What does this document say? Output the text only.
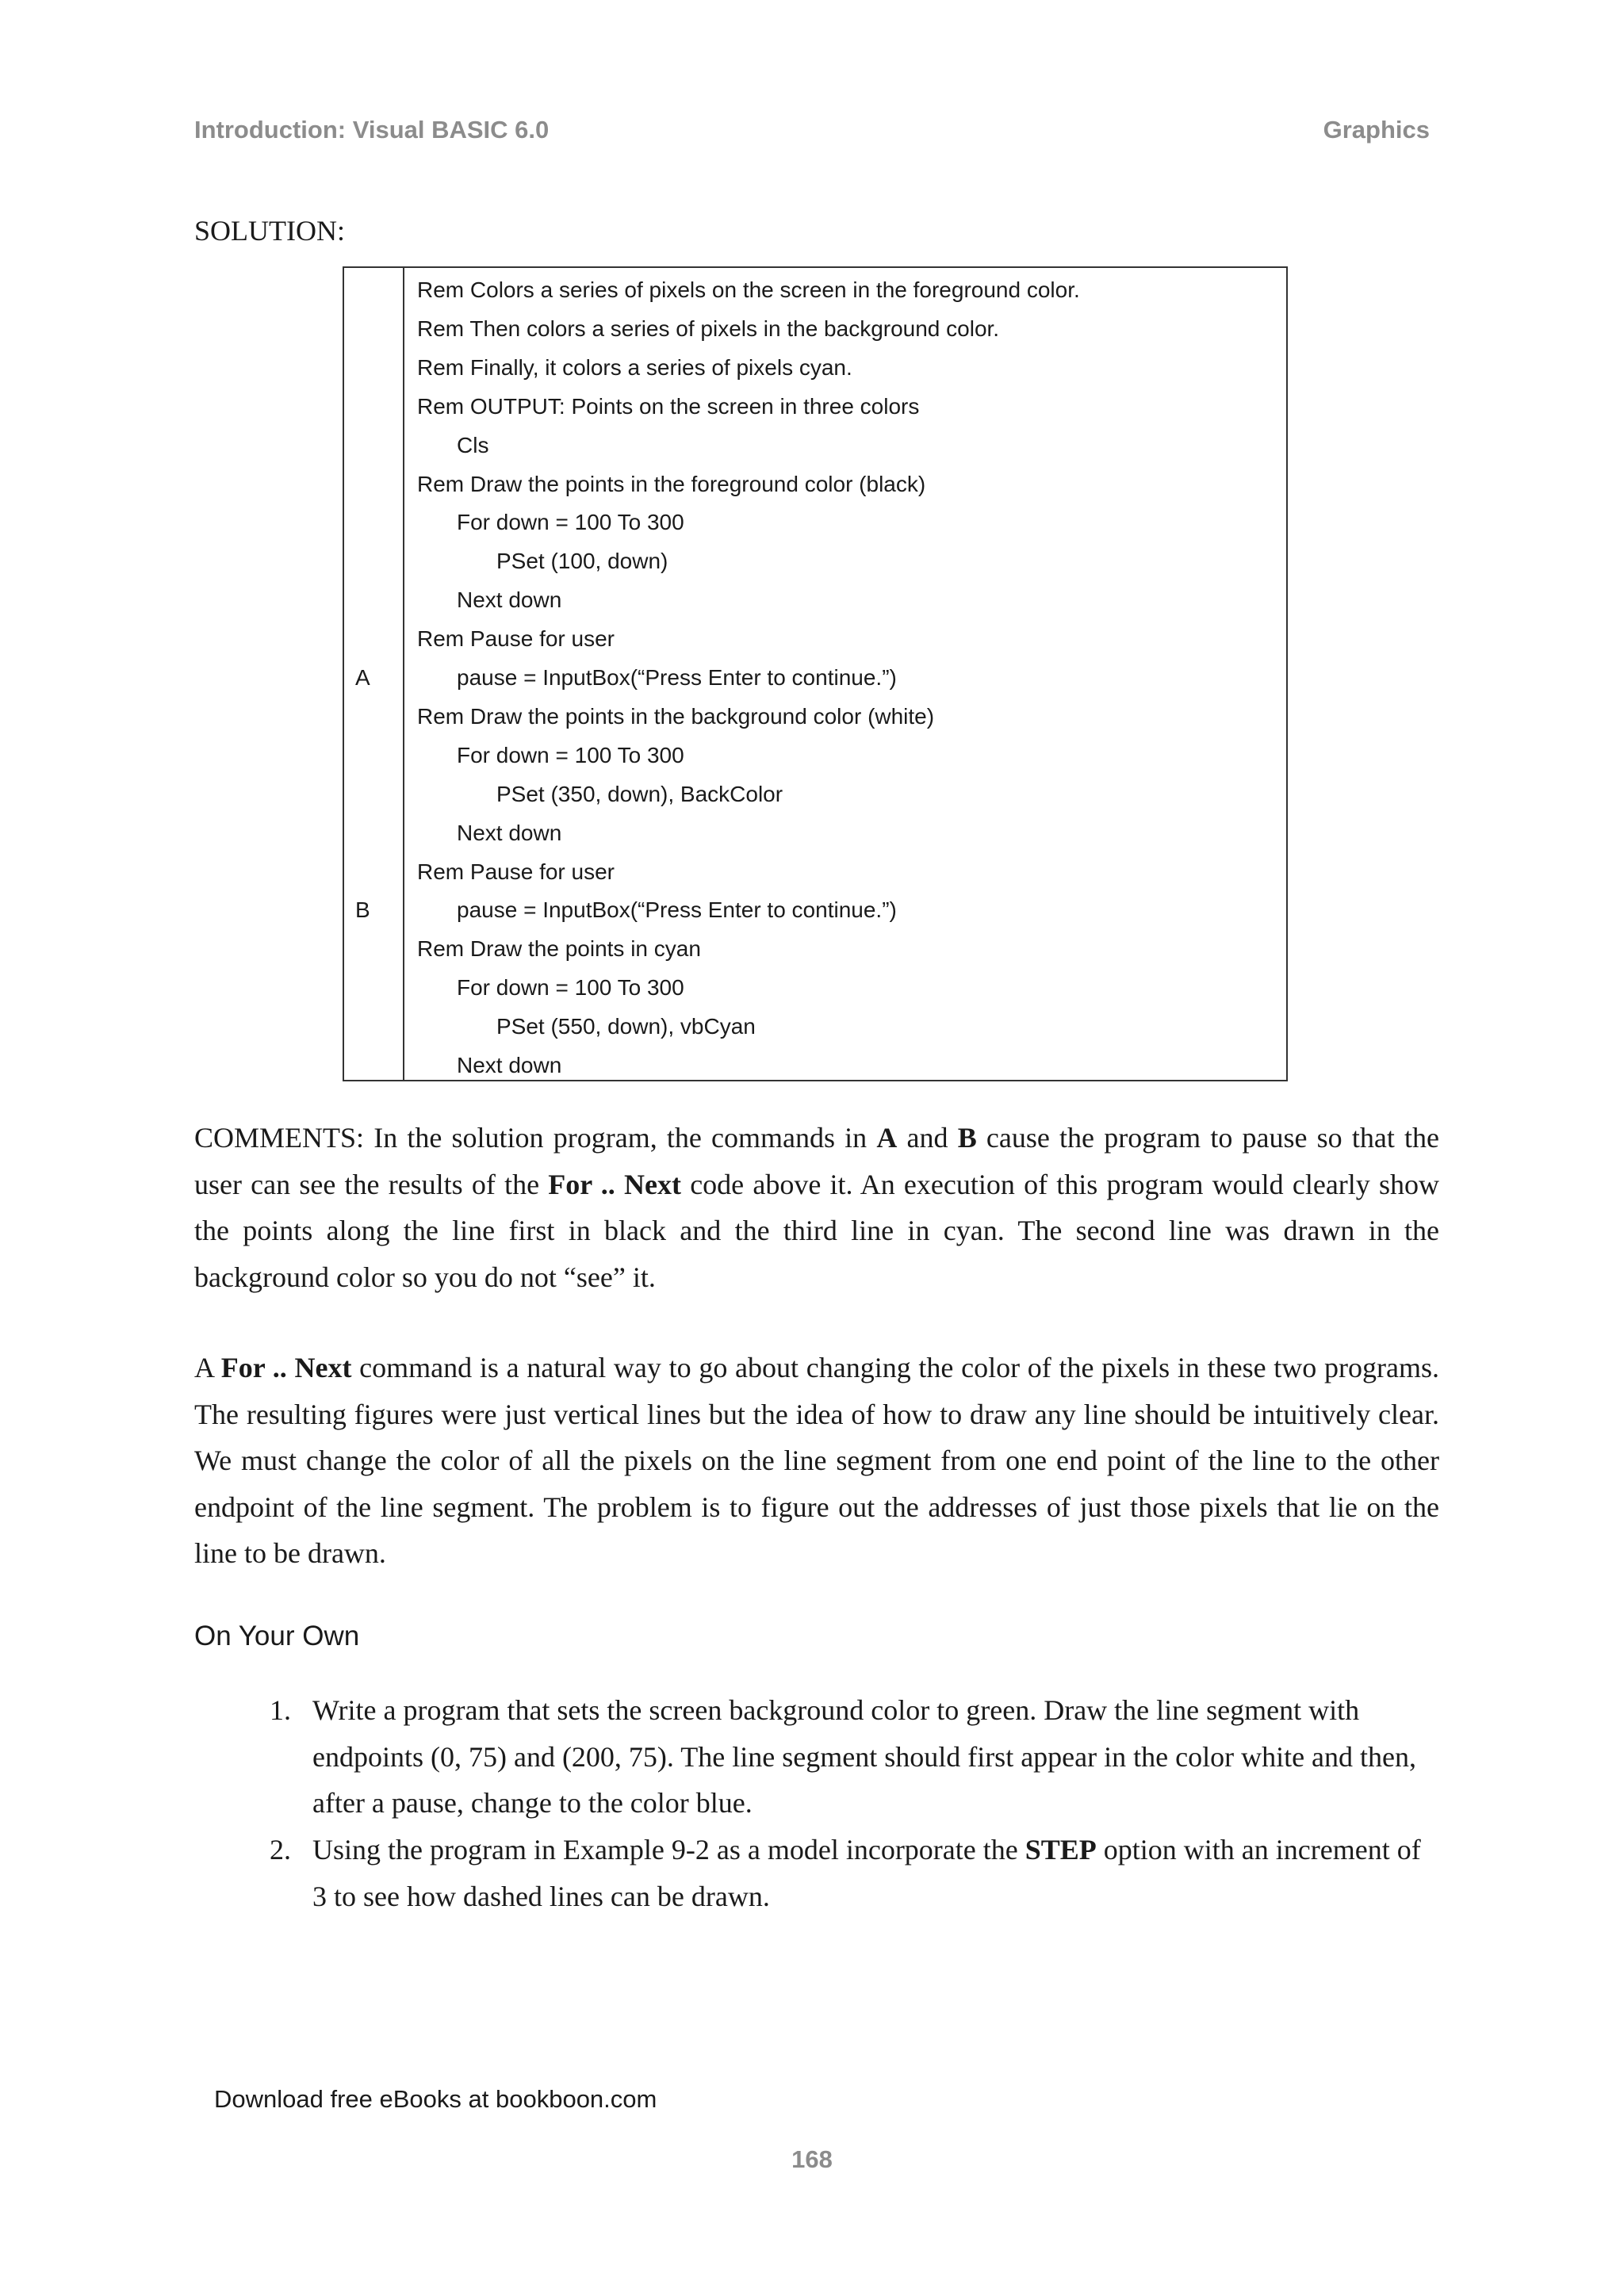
Introduction: Visual BASIC 6.0	Graphics
SOLUTION:
Rem Colors a series of pixels on the screen in the foreground color.
Rem Then colors a series of pixels in the background color.
Rem Finally, it colors a series of pixels cyan.
Rem OUTPUT: Points on the screen in three colors
Cls
Rem Draw the points in the foreground color (black)
For down = 100 To 300
PSet (100, down)
Next down
Rem Pause for user
A	pause = InputBox(“Press Enter to continue.”)
Rem Draw the points in the background color (white)
For down = 100 To 300
PSet (350, down), BackColor
Next down
Rem Pause for user
B	pause = InputBox(“Press Enter to continue.”)
Rem Draw the points in cyan
For down = 100 To 300
PSet (550, down), vbCyan
Next down
COMMENTS: In the solution program, the commands in A and B cause the program to pause so that the user can see the results of the For .. Next code above it. An execution of this program would clearly show the points along the line first in black and the third line in cyan. The second line was drawn in the background color so you do not “see” it.
A For .. Next command is a natural way to go about changing the color of the pixels in these two programs. The resulting figures were just vertical lines but the idea of how to draw any line should be intuitively clear. We must change the color of all the pixels on the line segment from one end point of the line to the other endpoint of the line segment. The problem is to figure out the addresses of just those pixels that lie on the line to be drawn.
On Your Own
1. Write a program that sets the screen background color to green. Draw the line segment with endpoints (0, 75) and (200, 75). The line segment should first appear in the color white and then, after a pause, change to the color blue.
2. Using the program in Example 9-2 as a model incorporate the STEP option with an increment of 3 to see how dashed lines can be drawn.
Download free eBooks at bookboon.com
168
